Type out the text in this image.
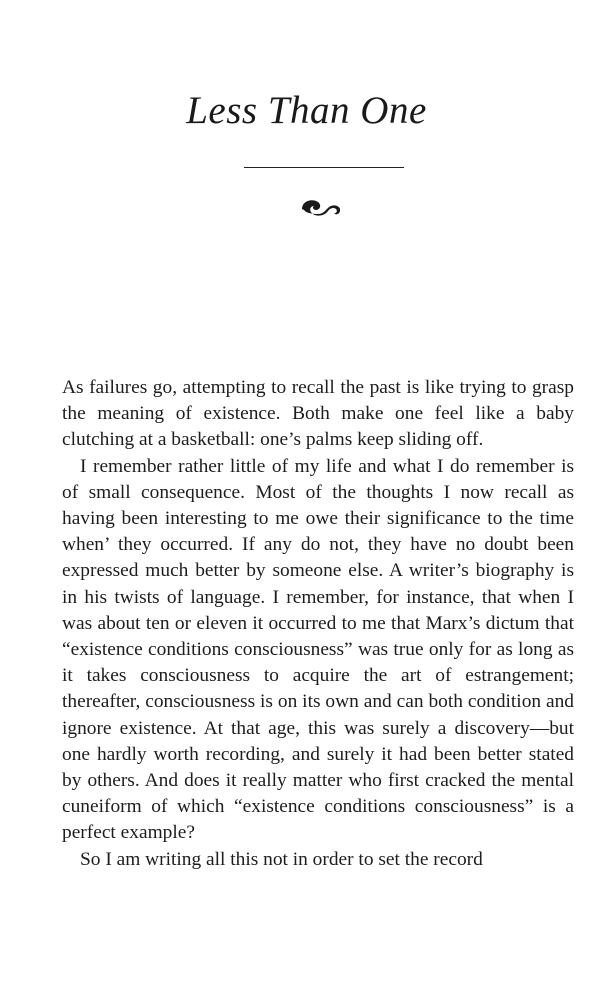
Less Than One

As failures go, attempting to recall the past is like trying to grasp the meaning of existence. Both make one feel like a baby clutching at a basketball: one’s palms keep sliding off.

I remember rather little of my life and what I do remember is of small consequence. Most of the thoughts I now recall as having been interesting to me owe their significance to the time when’ they occurred. If any do not, they have no doubt been expressed much better by someone else. A writer’s biography is in his twists of language. I remember, for instance, that when I was about ten or eleven it occurred to me that Marx’s dictum that “existence conditions consciousness” was true only for as long as it takes consciousness to acquire the art of estrangement; thereafter, consciousness is on its own and can both condition and ignore existence. At that age, this was surely a discovery—but one hardly worth recording, and surely it had been better stated by others. And does it really matter who first cracked the mental cuneiform of which “existence conditions consciousness” is a perfect example?

So I am writing all this not in order to set the record
